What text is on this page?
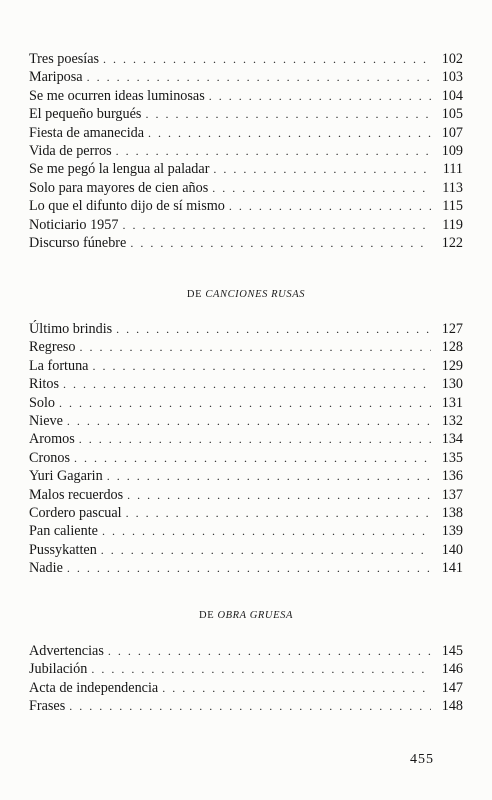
Tres poesías . . .	102
Mariposa . . .	103
Se me ocurren ideas luminosas . . .	104
El pequeño burgués . . .	105
Fiesta de amanecida . . .	107
Vida de perros . . .	109
Se me pegó la lengua al paladar . . .	111
Solo para mayores de cien años . . .	113
Lo que el difunto dijo de sí mismo . . .	115
Noticiario 1957 . . .	119
Discurso fúnebre . . .	122
DE CANCIONES RUSAS
Último brindis . . .	127
Regreso . . .	128
La fortuna . . .	129
Ritos . . .	130
Solo . . .	131
Nieve . . .	132
Aromos . . .	134
Cronos . . .	135
Yuri Gagarin . . .	136
Malos recuerdos . . .	137
Cordero pascual . . .	138
Pan caliente . . .	139
Pussykatten . . .	140
Nadie . . .	141
DE OBRA GRUESA
Advertencias . . .	145
Jubilación . . .	146
Acta de independencia . . .	147
Frases . . .	148
455
